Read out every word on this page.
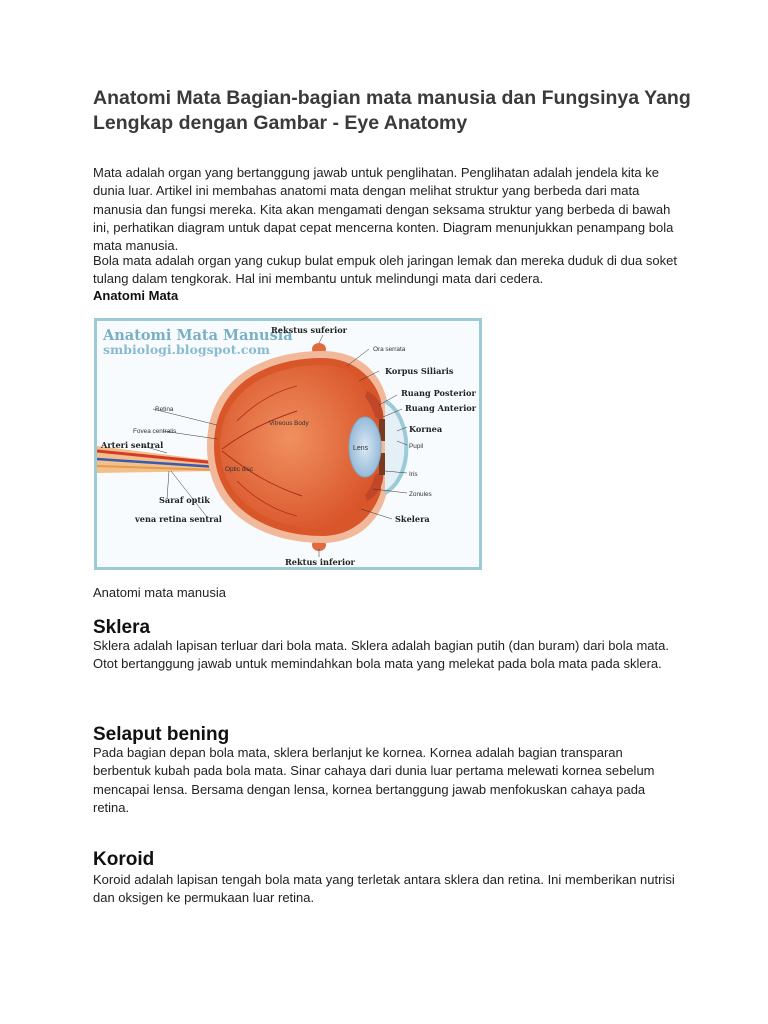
Anatomi Mata Bagian-bagian mata manusia dan Fungsinya Yang Lengkap dengan Gambar - Eye Anatomy

Mata adalah organ yang bertanggung jawab untuk penglihatan. Penglihatan adalah jendela kita ke dunia luar. Artikel ini membahas anatomi mata dengan melihat struktur yang berbeda dari mata manusia dan fungsi mereka. Kita akan mengamati dengan seksama struktur yang berbeda di bawah ini, perhatikan diagram untuk dapat cepat mencerna konten. Diagram menunjukkan penampang bola mata manusia.

Bola mata adalah organ yang cukup bulat empuk oleh jaringan lemak dan mereka duduk di dua soket tulang dalam tengkorak. Hal ini membantu untuk melindungi mata dari cedera.

Anatomi Mata

Anatomi Mata Manusia
smbiologi.blogspot.com
Rekstus suferior
Ora serrata
Korpus Siliaris
Ruang Posterior
Ruang Anterior
Kornea
Pupil
Iris
Zonules
Skelera
Rektus inferior
Retina
Fovea centralis
Arteri sentral
Saraf optik
vena retina sentral
Vitreous Body
Optic disc
Lens

Anatomi mata manusia

Sklera

Sklera adalah lapisan terluar dari bola mata. Sklera adalah bagian putih (dan buram) dari bola mata. Otot bertanggung jawab untuk memindahkan bola mata yang melekat pada bola mata pada sklera.

Selaput bening

Pada bagian depan bola mata, sklera berlanjut ke kornea. Kornea adalah bagian transparan berbentuk kubah pada bola mata. Sinar cahaya dari dunia luar pertama melewati kornea sebelum mencapai lensa. Bersama dengan lensa, kornea bertanggung jawab menfokuskan cahaya pada retina.

Koroid

Koroid adalah lapisan tengah bola mata yang terletak antara sklera dan retina. Ini memberikan nutrisi dan oksigen ke permukaan luar retina.
